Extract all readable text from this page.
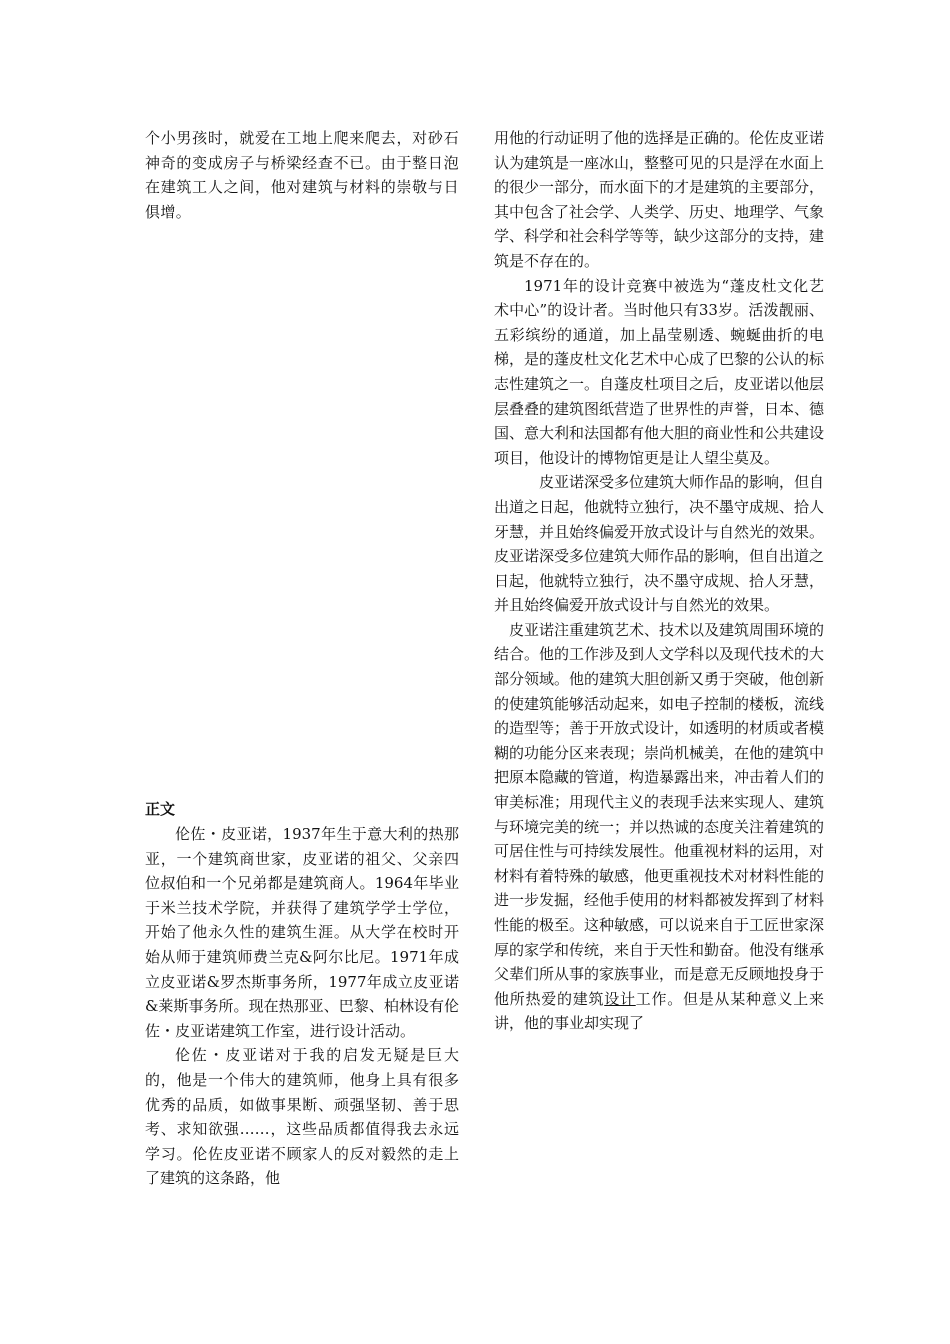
个小男孩时，就爱在工地上爬来爬去，对砂石神奇的变成房子与桥梁经查不已。由于整日泡在建筑工人之间，他对建筑与材料的崇敬与日俱增。

正文

伦佐・皮亚诺，1937年生于意大利的热那亚，一个建筑商世家，皮亚诺的祖父、父亲四位叔伯和一个兄弟都是建筑商人。1964年毕业于米兰技术学院，并获得了建筑学学士学位，开始了他永久性的建筑生涯。从大学在校时开始从师于建筑师费兰克&阿尔比尼。1971年成立皮亚诺&罗杰斯事务所，1977年成立皮亚诺&莱斯事务所。现在热那亚、巴黎、柏林设有伦佐・皮亚诺建筑工作室，进行设计活动。

伦佐・皮亚诺对于我的启发无疑是巨大的，他是一个伟大的建筑师，他身上具有很多优秀的品质，如做事果断、顽强坚韧、善于思考、求知欲强……，这些品质都值得我去永远学习。伦佐皮亚诺不顾家人的反对毅然的走上了建筑的这条路，他

用他的行动证明了他的选择是正确的。伦佐皮亚诺认为建筑是一座冰山，整整可见的只是浮在水面上的很少一部分，而水面下的才是建筑的主要部分，其中包含了社会学、人类学、历史、地理学、气象学、科学和社会科学等等，缺少这部分的支持，建筑是不存在的。

1971年的设计竞赛中被选为“蓬皮杜文化艺术中心”的设计者。当时他只有33岁。活泼靓丽、五彩缤纷的通道，加上晶莹剔透、蜿蜒曲折的电梯，是的蓬皮杜文化艺术中心成了巴黎的公认的标志性建筑之一。自蓬皮杜项目之后，皮亚诺以他层层叠叠的建筑图纸营造了世界性的声誉，日本、德国、意大利和法国都有他大胆的商业性和公共建设项目，他设计的博物馆更是让人望尘莫及。

皮亚诺深受多位建筑大师作品的影响，但自出道之日起，他就特立独行，决不墨守成规、拾人牙慧，并且始终偏爱开放式设计与自然光的效果。皮亚诺深受多位建筑大师作品的影响，但自出道之日起，他就特立独行，决不墨守成规、拾人牙慧，并且始终偏爱开放式设计与自然光的效果。

皮亚诺注重建筑艺术、技术以及建筑周围环境的结合。他的工作涉及到人文学科以及现代技术的大部分领域。他的建筑大胆创新又勇于突破，他创新的使建筑能够活动起来，如电子控制的楼板，流线的造型等；善于开放式设计，如透明的材质或者模糊的功能分区来表现；崇尚机械美，在他的建筑中把原本隐藏的管道，构造暴露出来，冲击着人们的审美标准；用现代主义的表现手法来实现人、建筑与环境完美的统一；并以热诚的态度关注着建筑的可居住性与可持续发展性。他重视材料的运用，对材料有着特殊的敏感，他更重视技术对材料性能的进一步发掘，经他手使用的材料都被发挥到了材料性能的极至。这种敏感，可以说来自于工匠世家深厚的家学和传统，来自于天性和勤奋。他没有继承父辈们所从事的家族事业，而是意无反顾地投身于他所热爱的建筑设计工作。但是从某种意义上来讲，他的事业却实现了
